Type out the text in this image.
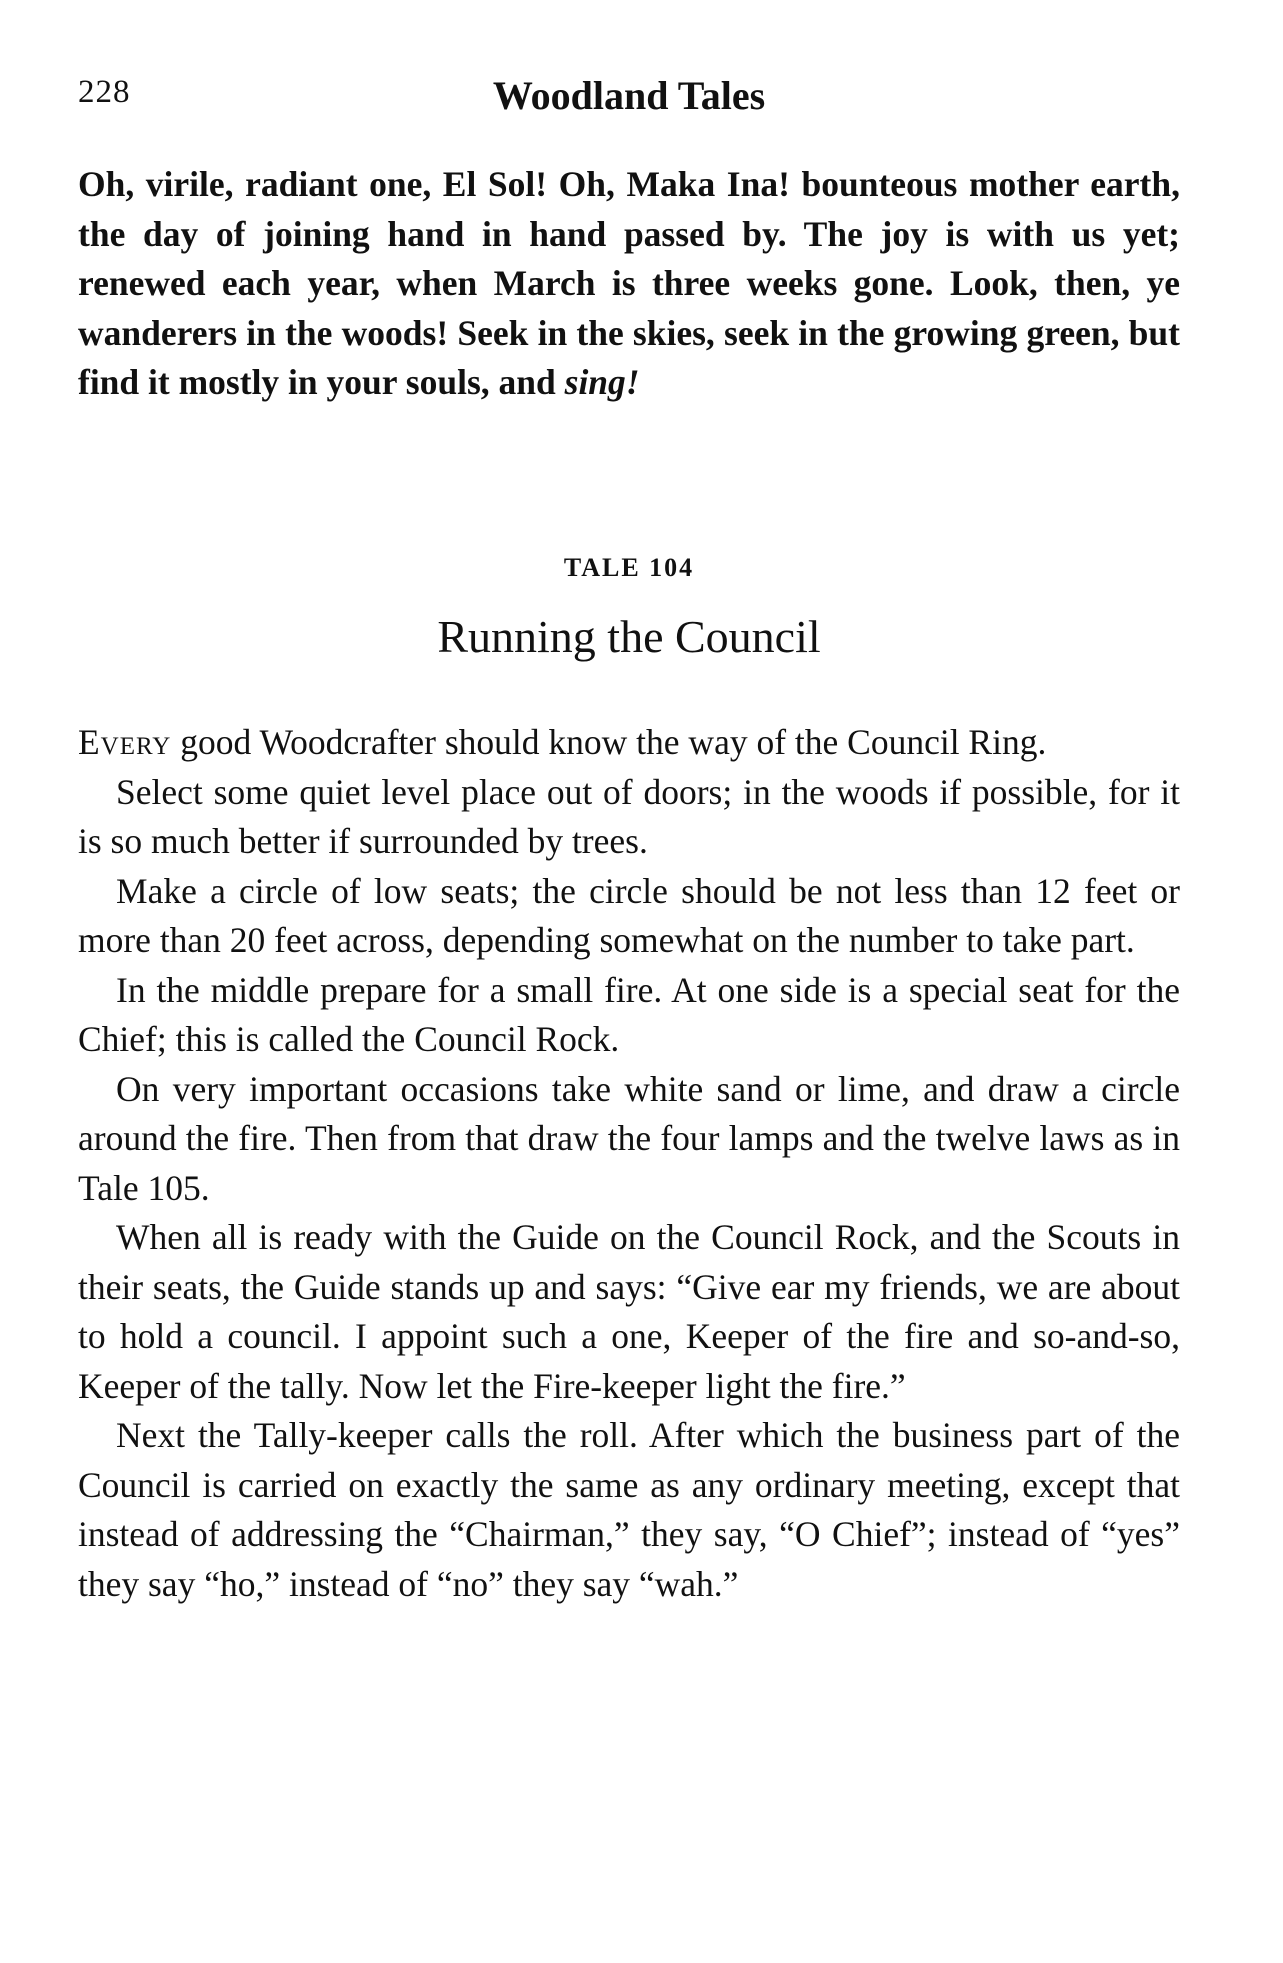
228	Woodland Tales
Oh, virile, radiant one, El Sol! Oh, Maka Ina! bounteous mother earth, the day of joining hand in hand passed by. The joy is with us yet; renewed each year, when March is three weeks gone. Look, then, ye wanderers in the woods! Seek in the skies, seek in the growing green, but find it mostly in your souls, and sing!
TALE 104
Running the Council

Every good Woodcrafter should know the way of the Council Ring.

Select some quiet level place out of doors; in the woods if possible, for it is so much better if surrounded by trees.

Make a circle of low seats; the circle should be not less than 12 feet or more than 20 feet across, depending somewhat on the number to take part.

In the middle prepare for a small fire. At one side is a special seat for the Chief; this is called the Council Rock.

On very important occasions take white sand or lime, and draw a circle around the fire. Then from that draw the four lamps and the twelve laws as in Tale 105.

When all is ready with the Guide on the Council Rock, and the Scouts in their seats, the Guide stands up and says: “Give ear my friends, we are about to hold a council. I appoint such a one, Keeper of the fire and so-and-so, Keeper of the tally. Now let the Fire-keeper light the fire.”

Next the Tally-keeper calls the roll. After which the business part of the Council is carried on exactly the same as any ordinary meeting, except that instead of addressing the “Chairman,” they say, “O Chief”; instead of “yes” they say “ho,” instead of “no” they say “wah.”
